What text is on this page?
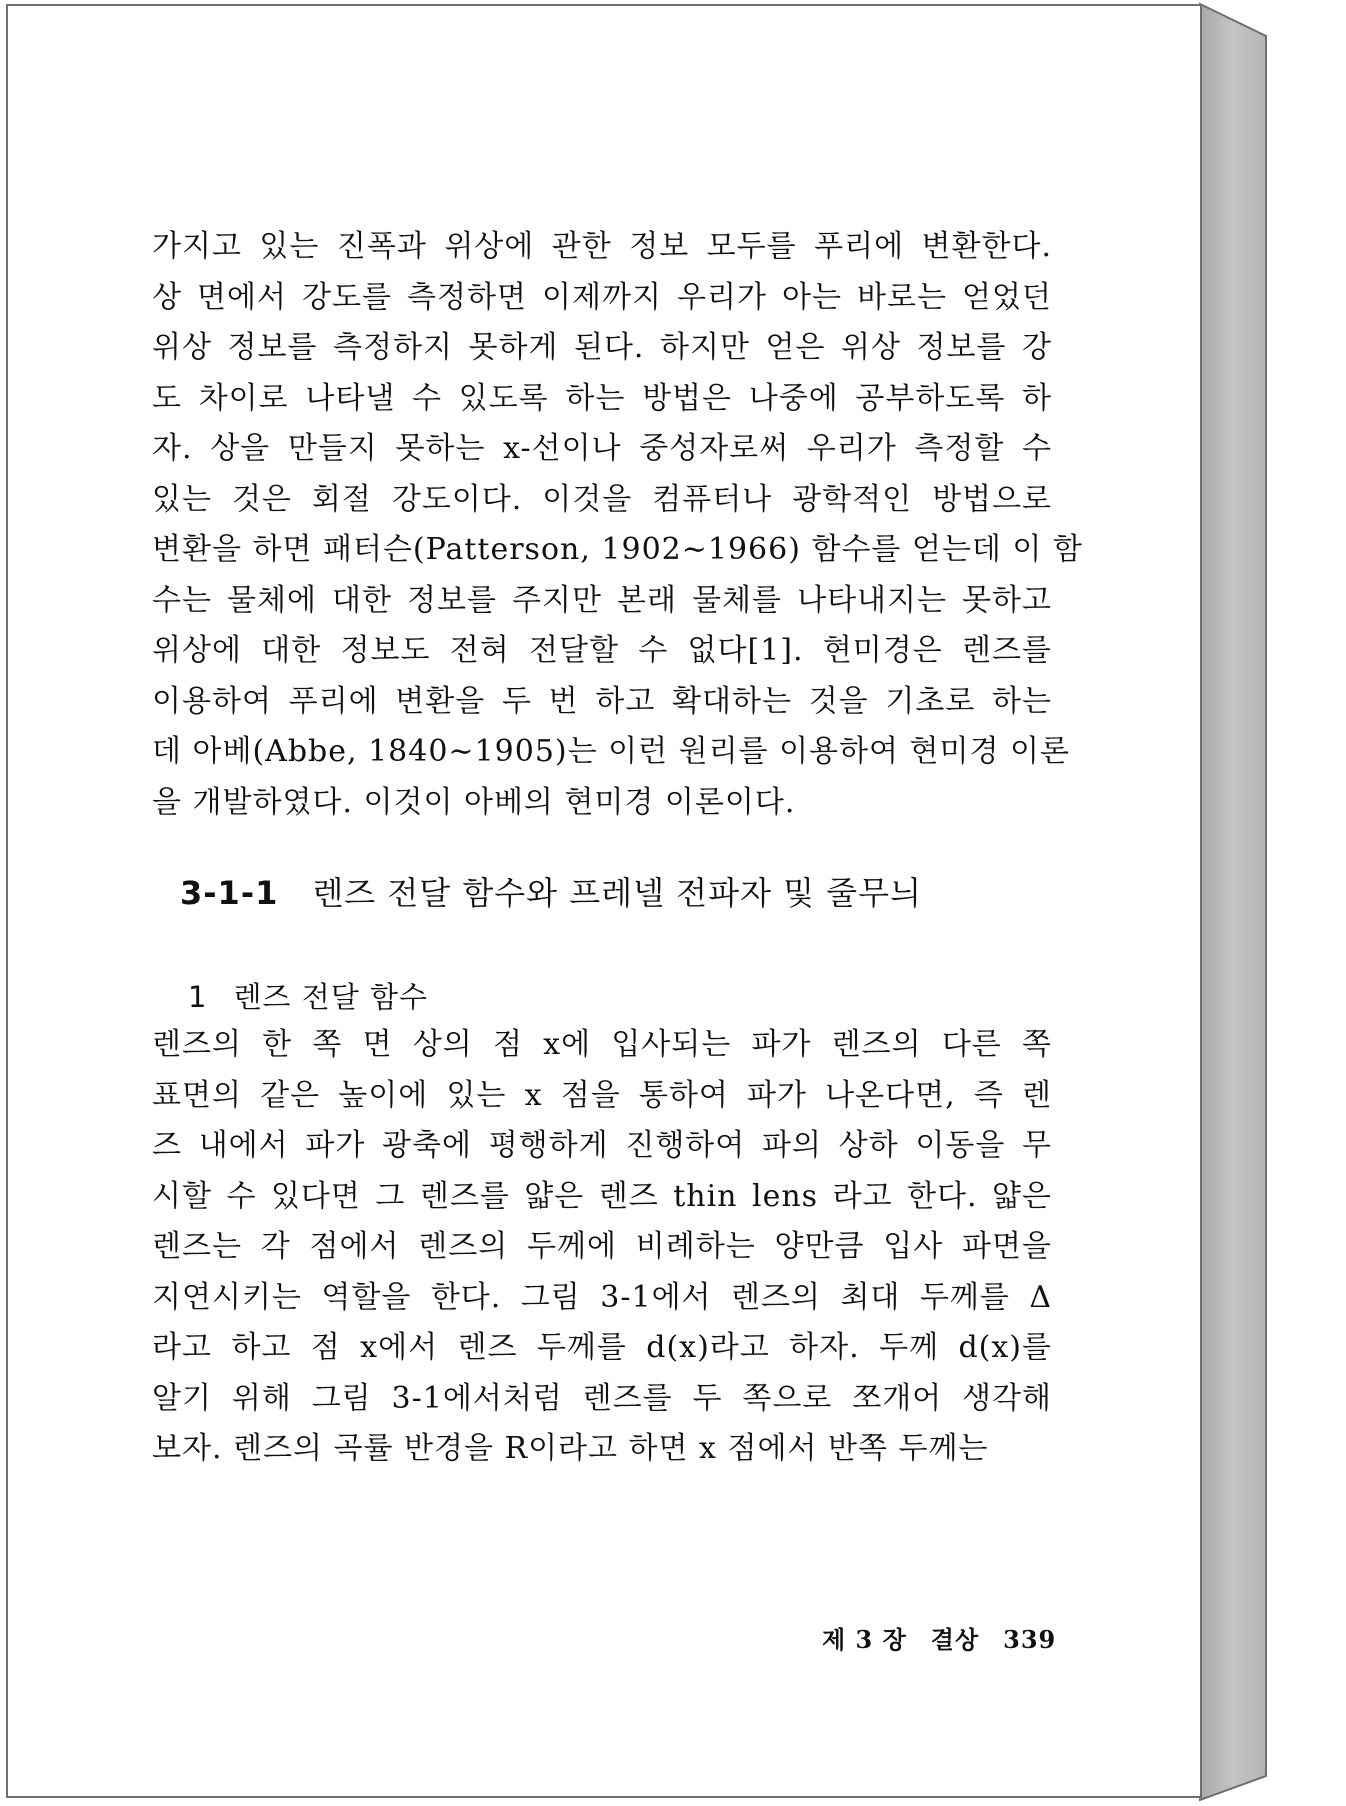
가지고 있는 진폭과 위상에 관한 정보 모두를 푸리에 변환한다.
상 면에서 강도를 측정하면 이제까지 우리가 아는 바로는 얻었던
위상 정보를 측정하지 못하게 된다. 하지만 얻은 위상 정보를 강
도 차이로 나타낼 수 있도록 하는 방법은 나중에 공부하도록 하
자. 상을 만들지 못하는 x-선이나 중성자로써 우리가 측정할 수
있는 것은 회절 강도이다. 이것을 컴퓨터나 광학적인 방법으로
변환을 하면 패터슨(Patterson, 1902∼1966) 함수를 얻는데 이 함
수는 물체에 대한 정보를 주지만 본래 물체를 나타내지는 못하고
위상에 대한 정보도 전혀 전달할 수 없다[1]. 현미경은 렌즈를
이용하여 푸리에 변환을 두 번 하고 확대하는 것을 기초로 하는
데 아베(Abbe, 1840∼1905)는 이런 원리를 이용하여 현미경 이론
을 개발하였다. 이것이 아베의 현미경 이론이다.

3-1-1 렌즈 전달 함수와 프레넬 전파자 및 줄무늬
1 렌즈 전달 함수

렌즈의 한 쪽 면 상의 점 x에 입사되는 파가 렌즈의 다른 쪽
표면의 같은 높이에 있는 x 점을 통하여 파가 나온다면, 즉 렌
즈 내에서 파가 광축에 평행하게 진행하여 파의 상하 이동을 무
시할 수 있다면 그 렌즈를 얇은 렌즈 thin lens 라고 한다. 얇은
렌즈는 각 점에서 렌즈의 두께에 비례하는 양만큼 입사 파면을
지연시키는 역할을 한다. 그림 3-1에서 렌즈의 최대 두께를 Δ
라고 하고 점 x에서 렌즈 두께를 d(x)라고 하자. 두께 d(x)를
알기 위해 그림 3-1에서처럼 렌즈를 두 쪽으로 쪼개어 생각해
보자. 렌즈의 곡률 반경을 R이라고 하면 x 점에서 반쪽 두께는

제 3 장 결상 339
